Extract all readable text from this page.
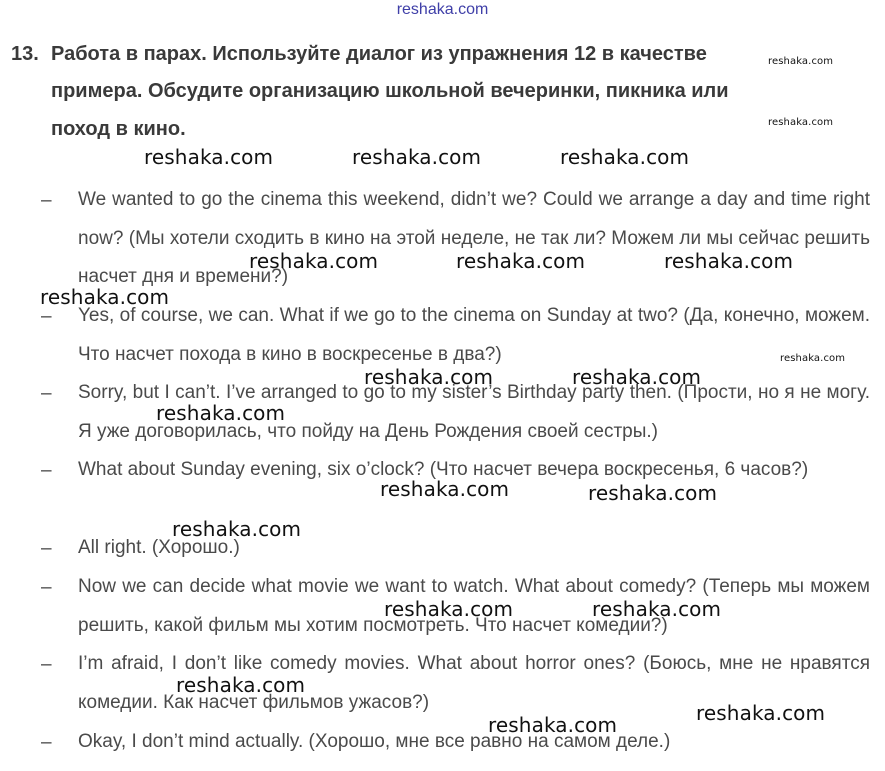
reshaka.com
13. Работа в парах. Используйте диалог из упражнения 12 в качестве
примера. Обсудите организацию школьной вечеринки, пикника или
поход в кино.
– We wanted to go the cinema this weekend, didn’t we? Could we arrange a day and time right now? (Мы хотели сходить в кино на этой неделе, не так ли? Можем ли мы сейчас решить насчет дня и времени?)
– Yes, of course, we can. What if we go to the cinema on Sunday at two? (Да, конечно, можем. Что насчет похода в кино в воскресенье в два?)
– Sorry, but I can’t. I’ve arranged to go to my sister’s Birthday party then. (Прости, но я не могу. Я уже договорилась, что пойду на День Рождения своей сестры.)
– What about Sunday evening, six o’clock? (Что насчет вечера воскресенья, 6 часов?)
– All right. (Хорошо.)
– Now we can decide what movie we want to watch. What about comedy? (Теперь мы можем решить, какой фильм мы хотим посмотреть. Что насчет комедии?)
– I’m afraid, I don’t like comedy movies. What about horror ones? (Боюсь, мне не нравятся комедии. Как насчет фильмов ужасов?)
– Okay, I don’t mind actually. (Хорошо, мне все равно на самом деле.)
reshaka.com
reshaka.com
reshaka.com	reshaka.com	reshaka.com
reshaka.com	reshaka.com	reshaka.com
reshaka.com
reshaka.com
reshaka.com	reshaka.com
reshaka.com
reshaka.com	reshaka.com
reshaka.com
reshaka.com	reshaka.com
reshaka.com
reshaka.com
reshaka.com
